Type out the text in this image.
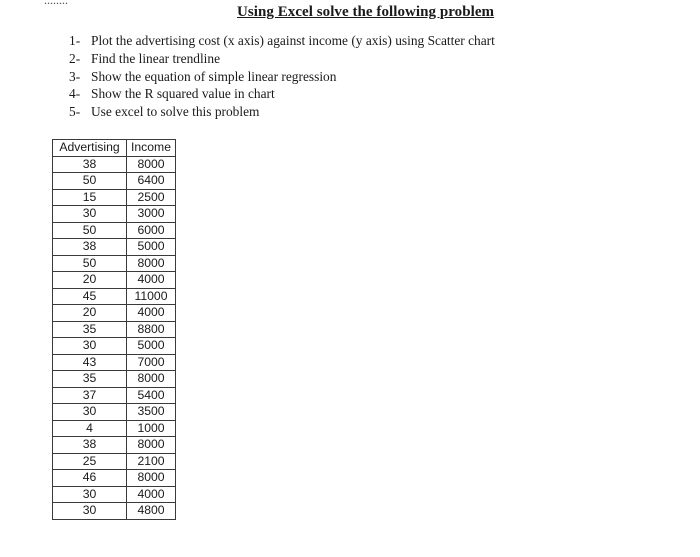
........
Using Excel solve the following problem
1- Plot the advertising cost (x axis) against income (y axis) using Scatter chart
2- Find the linear trendline
3- Show the equation of simple linear regression
4- Show the R squared value in chart
5- Use excel to solve this problem
Advertising	Income
38	8000
50	6400
15	2500
30	3000
50	6000
38	5000
50	8000
20	4000
45	11000
20	4000
35	8800
30	5000
43	7000
35	8000
37	5400
30	3500
4	1000
38	8000
25	2100
46	8000
30	4000
30	4800
